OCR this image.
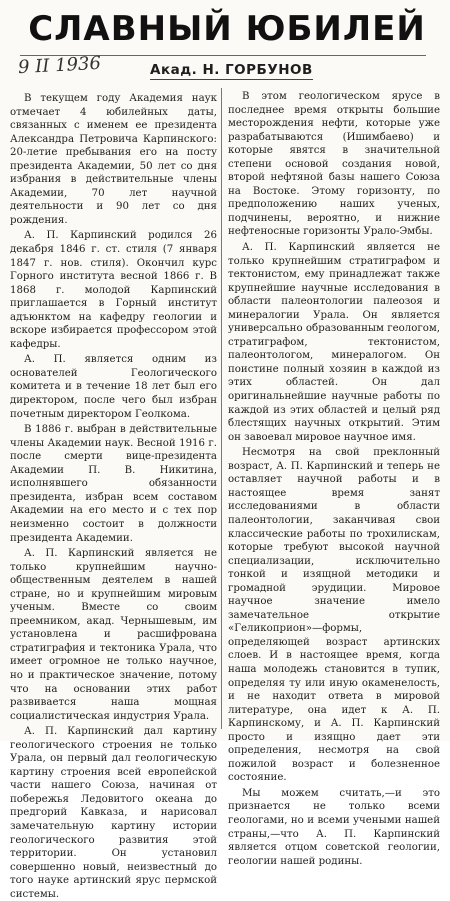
СЛАВНЫЙ ЮБИЛЕЙ
9 II 1936	Акад. Н. ГОРБУНОВ

В текущем году Академия наук отмечает 4 юбилейных даты, связанных с именем ее президента Александра Петровича Карпинского: 20-летие пребывания его на посту президента Академии, 50 лет со дня избрания в действительные члены Академии, 70 лет научной деятельности и 90 лет со дня рождения.

А. П. Карпинский родился 26 декабря 1846 г. ст. стиля (7 января 1847 г. нов. стиля). Окончил курс Горного института весной 1866 г. В 1868 г. молодой Карпинский приглашается в Горный институт адъюнктом на кафедру геологии и вскоре избирается профессором этой кафедры.

А. П. является одним из основателей Геологического комитета и в течение 18 лет был его директором, после чего был избран почетным директором Геолкома.

В 1886 г. выбран в действительные члены Академии наук. Весной 1916 г. после смерти вице-президента Академии П. В. Никитина, исполнявшего обязанности президента, избран всем составом Академии на его место и с тех пор неизменно состоит в должности президента Академии.

А. П. Карпинский является не только крупнейшим научно-общественным деятелем в нашей стране, но и крупнейшим мировым ученым. Вместе со своим преемником, акад. Чернышевым, им установлена и расшифрована стратиграфия и тектоника Урала, что имеет огромное не только научное, но и практическое значение, потому что на основании этих работ развивается наша мощная социалистическая индустрия Урала.

А. П. Карпинский дал картину геологического строения не только Урала, он первый дал геологическую картину строения всей европейской части нашего Союза, начиная от побережья Ледовитого океана до предгорий Кавказа, и нарисовал замечательную картину истории геологического развития этой территории. Он установил совершенно новый, неизвестный до того науке артинский ярус пермской системы.

В этом геологическом ярусе в последнее время открыты большие месторождения нефти, которые уже разрабатываются (Ишимбаево) и которые явятся в значительной степени основой создания новой, второй нефтяной базы нашего Союза на Востоке. Этому горизонту, по предположению наших ученых, подчинены, вероятно, и нижние нефтеносные горизонты Урало-Эмбы.

А. П. Карпинский является не только крупнейшим стратиграфом и тектонистом, ему принадлежат также крупнейшие научные исследования в области палеонтологии палеозоя и минералогии Урала. Он является универсально образованным геологом, стратиграфом, тектонистом, палеонтологом, минералогом. Он поистине полный хозяин в каждой из этих областей. Он дал оригинальнейшие научные работы по каждой из этих областей и целый ряд блестящих научных открытий. Этим он завоевал мировое научное имя.

Несмотря на свой преклонный возраст, А. П. Карпинский и теперь не оставляет научной работы и в настоящее время занят исследованиями в области палеонтологии, заканчивая свои классические работы по трохилискам, которые требуют высокой научной специализации, исключительно тонкой и изящной методики и громадной эрудиции. Мировое научное значение имело замечательное открытие «Геликоприон»—формы, определяющей возраст артинских слоев. И в настоящее время, когда наша молодежь становится в тупик, определяя ту или иную окаменелость, и не находит ответа в мировой литературе, она идет к А. П. Карпинскому, и А. П. Карпинский просто и изящно дает эти определения, несмотря на свой пожилой возраст и болезненное состояние.

Мы можем считать,—и это признается не только всеми геологами, но и всеми учеными нашей страны,—что А. П. Карпинский является отцом советской геологии, геологии нашей родины.
